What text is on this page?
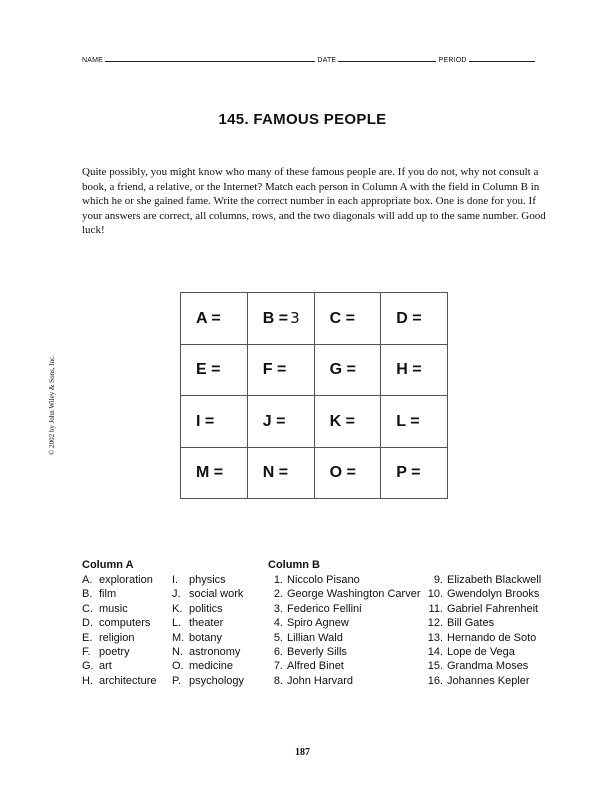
NAME	DATE	PERIOD
145. FAMOUS PEOPLE
Quite possibly, you might know who many of these famous people are. If you do not, why not consult a book, a friend, a relative, or the Internet? Match each person in Column A with the field in Column B in which he or she gained fame. Write the correct number in each appropriate box. One is done for you. If your answers are correct, all columns, rows, and the two diagonals will add up to the same number. Good luck!
© 2002 by John Wiley & Sons, Inc.
A =	B = 3	C =	D =
E =	F =	G =	H =
I =	J =	K =	L =
M =	N =	O =	P =
Column A
A. exploration
B. film
C. music
D. computers
E. religion
F. poetry
G. art
H. architecture
I. physics
J. social work
K. politics
L. theater
M. botany
N. astronomy
O. medicine
P. psychology
Column B
1. Niccolo Pisano
2. George Washington Carver
3. Federico Fellini
4. Spiro Agnew
5. Lillian Wald
6. Beverly Sills
7. Alfred Binet
8. John Harvard
9. Elizabeth Blackwell
10. Gwendolyn Brooks
11. Gabriel Fahrenheit
12. Bill Gates
13. Hernando de Soto
14. Lope de Vega
15. Grandma Moses
16. Johannes Kepler
187
